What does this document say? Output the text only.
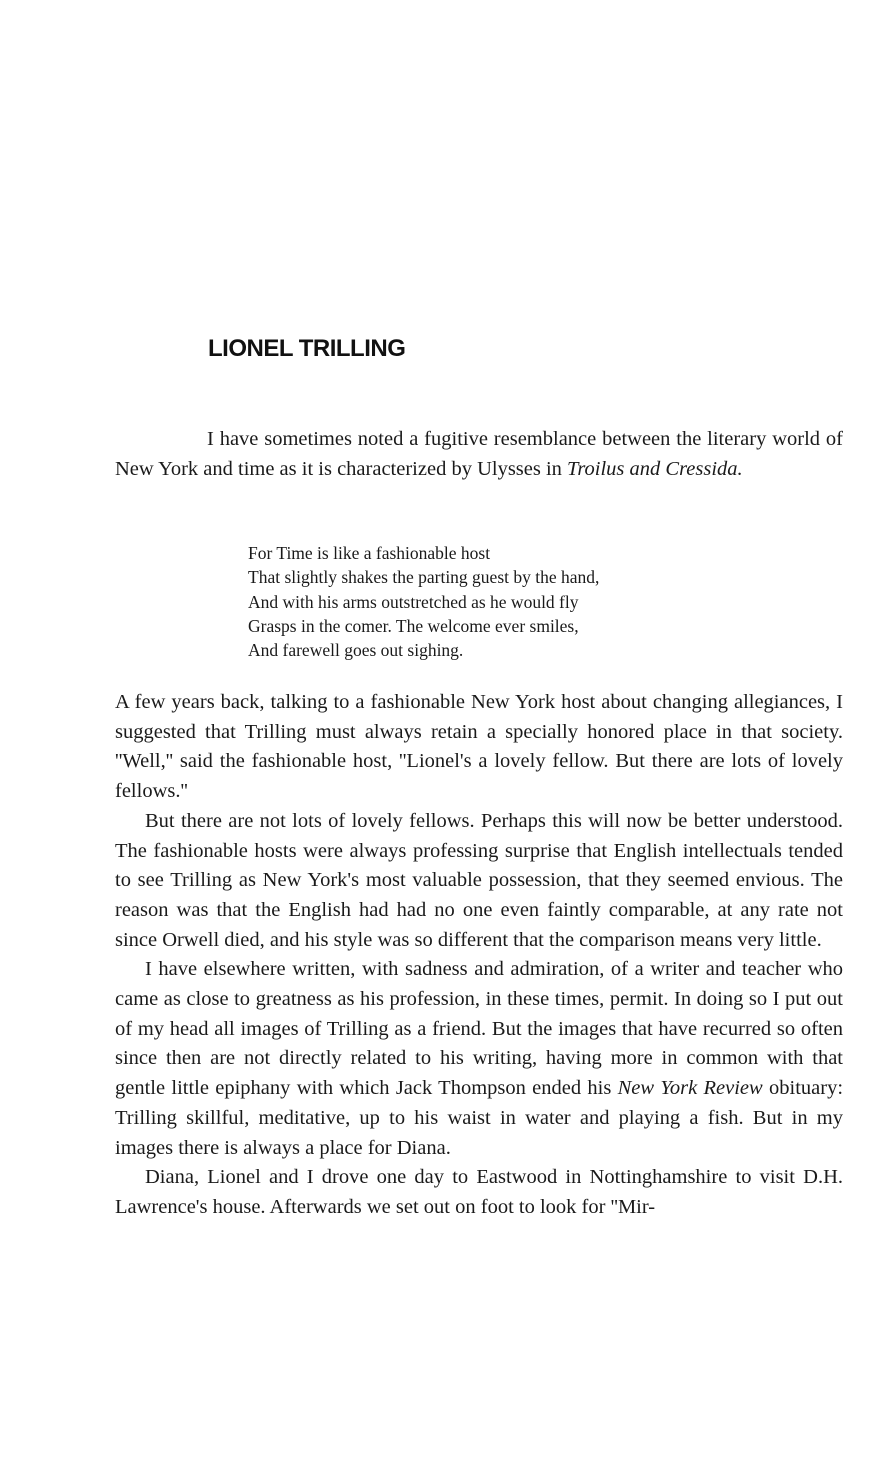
LIONEL TRILLING

I have sometimes noted a fugitive resemblance between the literary world of New York and time as it is characterized by Ulysses in Troilus and Cressida.

For Time is like a fashionable host
That slightly shakes the parting guest by the hand,
And with his arms outstretched as he would fly
Grasps in the comer. The welcome ever smiles,
And farewell goes out sighing.

A few years back, talking to a fashionable New York host about changing allegiances, I suggested that Trilling must always retain a specially honored place in that society. ''Well,'' said the fashionable host, ''Lionel's a lovely fellow. But there are lots of lovely fellows.''

But there are not lots of lovely fellows. Perhaps this will now be better understood. The fashionable hosts were always professing surprise that English intellectuals tended to see Trilling as New York's most valuable possession, that they seemed envious. The reason was that the English had had no one even faintly comparable, at any rate not since Orwell died, and his style was so different that the comparison means very little.

I have elsewhere written, with sadness and admiration, of a writer and teacher who came as close to greatness as his profession, in these times, permit. In doing so I put out of my head all images of Trilling as a friend. But the images that have recurred so often since then are not directly related to his writing, having more in common with that gentle little epiphany with which Jack Thompson ended his New York Review obituary: Trilling skillful, meditative, up to his waist in water and playing a fish. But in my images there is always a place for Diana.

Diana, Lionel and I drove one day to Eastwood in Nottinghamshire to visit D.H. Lawrence's house. Afterwards we set out on foot to look for ''Mir-
